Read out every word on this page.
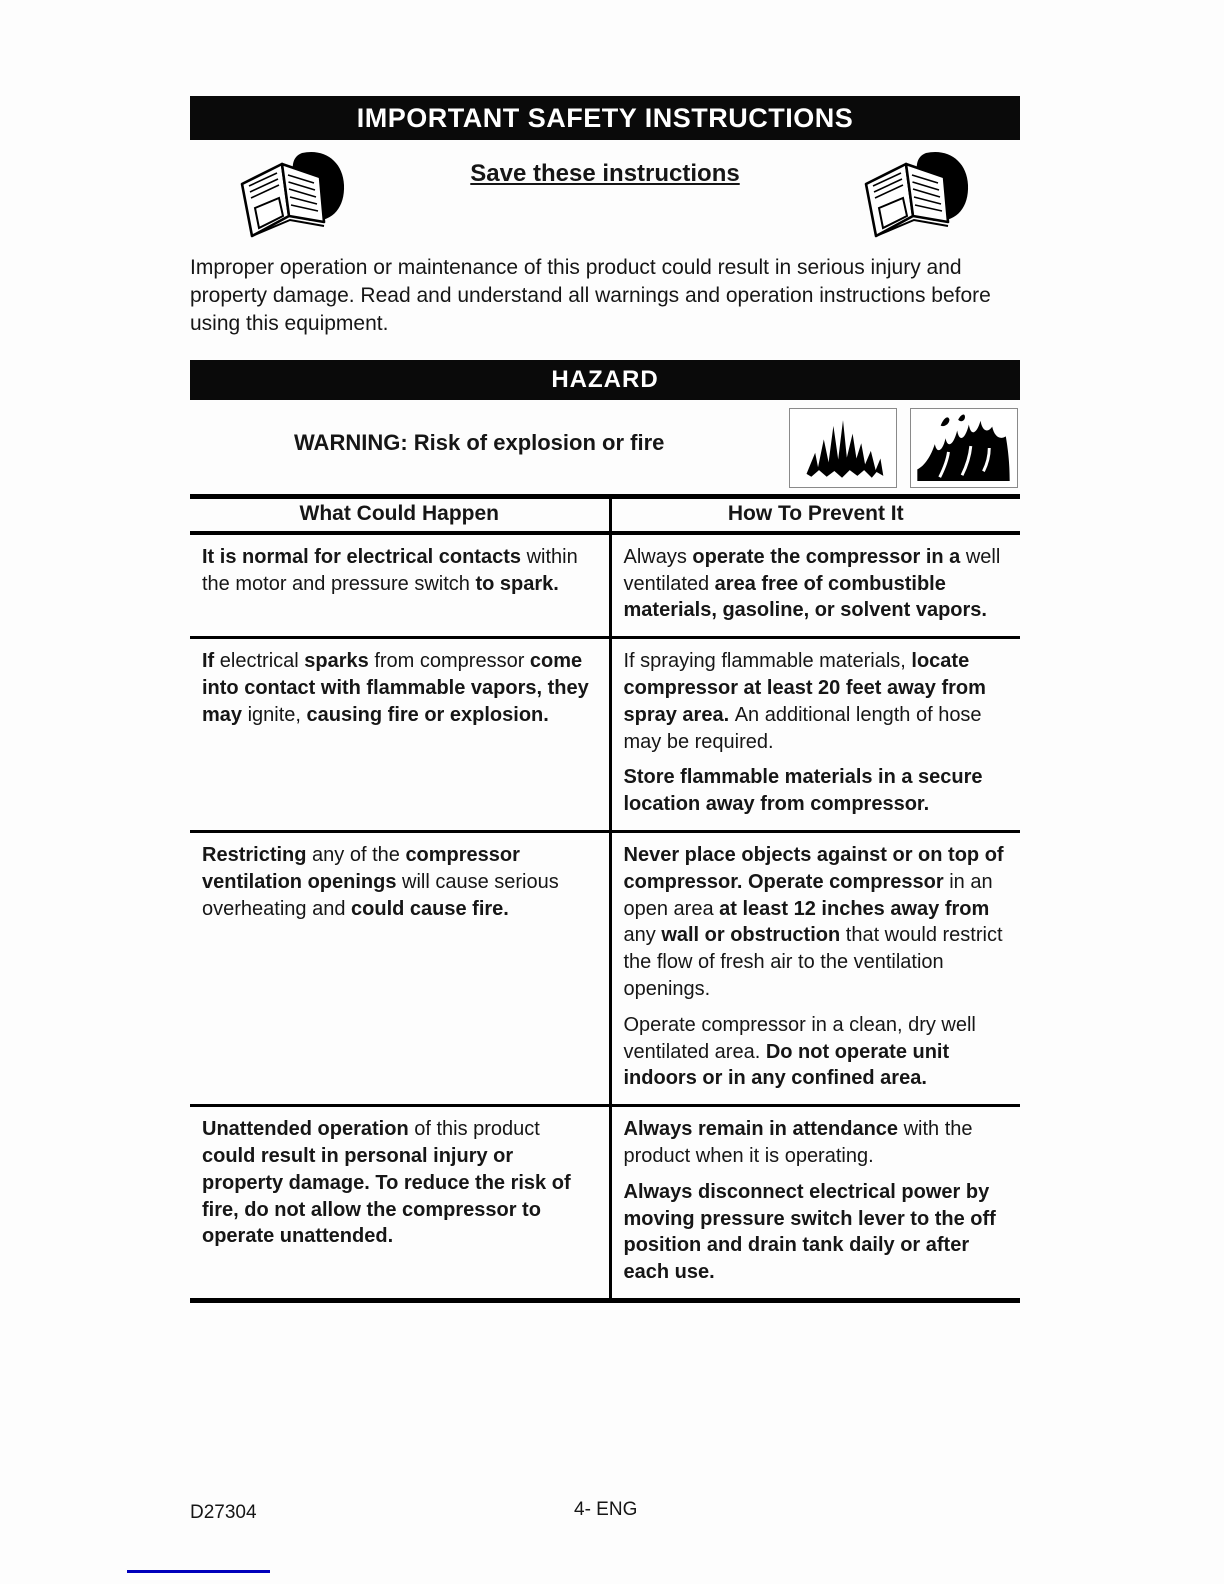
IMPORTANT SAFETY INSTRUCTIONS
Save these instructions

Improper operation or maintenance of this product could result in serious injury and property damage. Read and understand all warnings and operation instructions before using this equipment.

HAZARD
WARNING: Risk of explosion or fire
What Could Happen	How To Prevent It

It is normal for electrical contacts within the motor and pressure switch to spark.	Always operate the compressor in a well ventilated area free of combustible materials, gasoline, or solvent vapors.

If electrical sparks from compressor come into contact with flammable vapors, they may ignite, causing fire or explosion.	If spraying flammable materials, locate compressor at least 20 feet away from spray area. An additional length of hose may be required.

Store flammable materials in a secure location away from compressor.

Restricting any of the compressor ventilation openings will cause serious overheating and could cause fire.	Never place objects against or on top of compressor. Operate compressor in an open area at least 12 inches away from any wall or obstruction that would restrict the flow of fresh air to the ventilation openings.

Operate compressor in a clean, dry well ventilated area. Do not operate unit indoors or in any confined area.

Unattended operation of this product could result in personal injury or property damage. To reduce the risk of fire, do not allow the compressor to operate unattended.	Always remain in attendance with the product when it is operating.

Always disconnect electrical power by moving pressure switch lever to the off position and drain tank daily or after each use.

D27304	4- ENG
